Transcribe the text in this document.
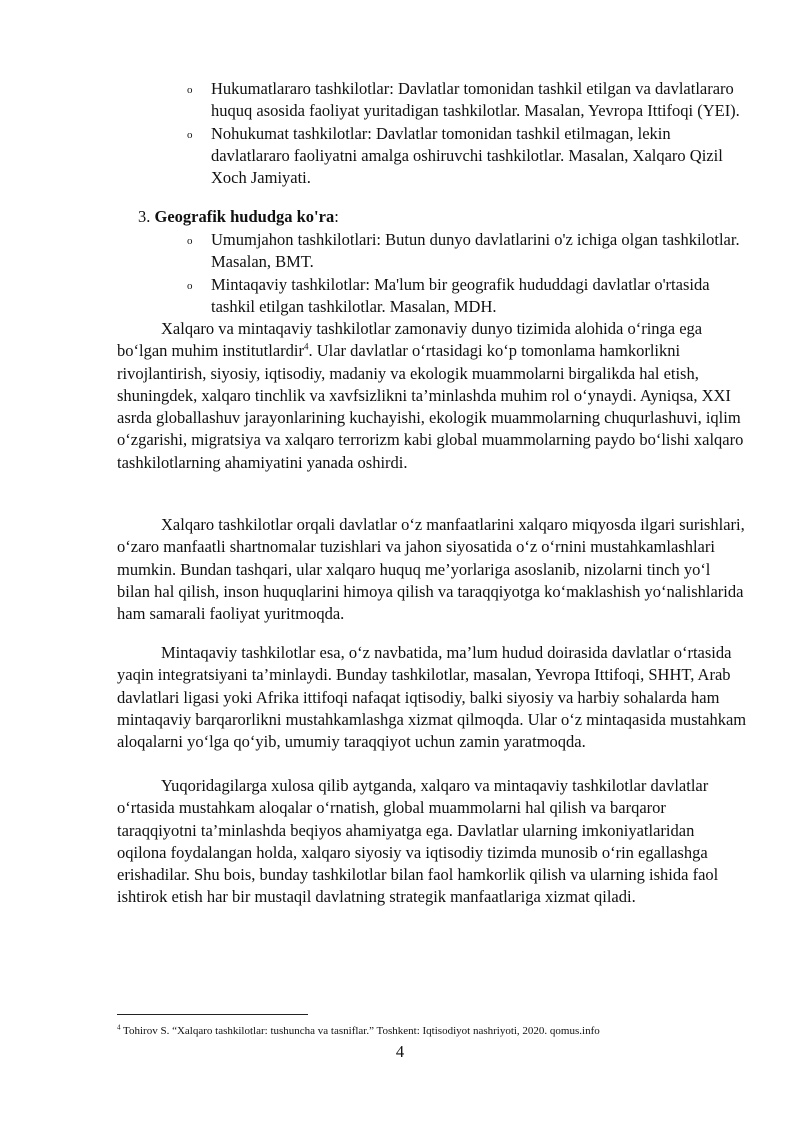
o Hukumatlararo tashkilotlar: Davlatlar tomonidan tashkil etilgan va davlatlararo huquq asosida faoliyat yuritadigan tashkilotlar. Masalan, Yevropa Ittifoqi (YEI).
o Nohukumat tashkilotlar: Davlatlar tomonidan tashkil etilmagan, lekin davlatlararo faoliyatni amalga oshiruvchi tashkilotlar. Masalan, Xalqaro Qizil Xoch Jamiyati.
3. Geografik hududga ko'ra:
o Umumjahon tashkilotlari: Butun dunyo davlatlarini o'z ichiga olgan tashkilotlar. Masalan, BMT.
o Mintaqaviy tashkilotlar: Ma'lum bir geografik hududdagi davlatlar o'rtasida tashkil etilgan tashkilotlar. Masalan, MDH.

Xalqaro va mintaqaviy tashkilotlar zamonaviy dunyo tizimida alohida o‘ringa ega bo‘lgan muhim institutlardir$^4$. Ular davlatlar o‘rtasidagi ko‘p tomonlama hamkorlikni rivojlantirish, siyosiy, iqtisodiy, madaniy va ekologik muammolarni birgalikda hal etish, shuningdek, xalqaro tinchlik va xavfsizlikni ta’minlashda muhim rol o‘ynaydi. Ayniqsa, XXI asrda globallashuv jarayonlarining kuchayishi, ekologik muammolarning chuqurlashuvi, iqlim o‘zgarishi, migratsiya va xalqaro terrorizm kabi global muammolarning paydo bo‘lishi xalqaro tashkilotlarning ahamiyatini yanada oshirdi.

Xalqaro tashkilotlar orqali davlatlar o‘z manfaatlarini xalqaro miqyosda ilgari surishlari, o‘zaro manfaatli shartnomalar tuzishlari va jahon siyosatida o‘z o‘rnini mustahkamlashlari mumkin. Bundan tashqari, ular xalqaro huquq me’yorlariga asoslanib, nizolarni tinch yo‘l bilan hal qilish, inson huquqlarini himoya qilish va taraqqiyotga ko‘maklashish yo‘nalishlarida ham samarali faoliyat yuritmoqda.

Mintaqaviy tashkilotlar esa, o‘z navbatida, ma’lum hudud doirasida davlatlar o‘rtasida yaqin integratsiyani ta’minlaydi. Bunday tashkilotlar, masalan, Yevropa Ittifoqi, SHHT, Arab davlatlari ligasi yoki Afrika ittifoqi nafaqat iqtisodiy, balki siyosiy va harbiy sohalarda ham mintaqaviy barqarorlikni mustahkamlashga xizmat qilmoqda. Ular o‘z mintaqasida mustahkam aloqalarni yo‘lga qo‘yib, umumiy taraqqiyot uchun zamin yaratmoqda.

Yuqoridagilarga xulosa qilib aytganda, xalqaro va mintaqaviy tashkilotlar davlatlar o‘rtasida mustahkam aloqalar o‘rnatish, global muammolarni hal qilish va barqaror taraqqiyotni ta’minlashda beqiyos ahamiyatga ega. Davlatlar ularning imkoniyatlaridan oqilona foydalangan holda, xalqaro siyosiy va iqtisodiy tizimda munosib o‘rin egallashga erishadilar. Shu bois, bunday tashkilotlar bilan faol hamkorlik qilish va ularning ishida faol ishtirok etish har bir mustaqil davlatning strategik manfaatlariga xizmat qiladi.

$^4$ Tohirov S. “Xalqaro tashkilotlar: tushuncha va tasniflar.” Toshkent: Iqtisodiyot nashriyoti, 2020. qomus.info
4
